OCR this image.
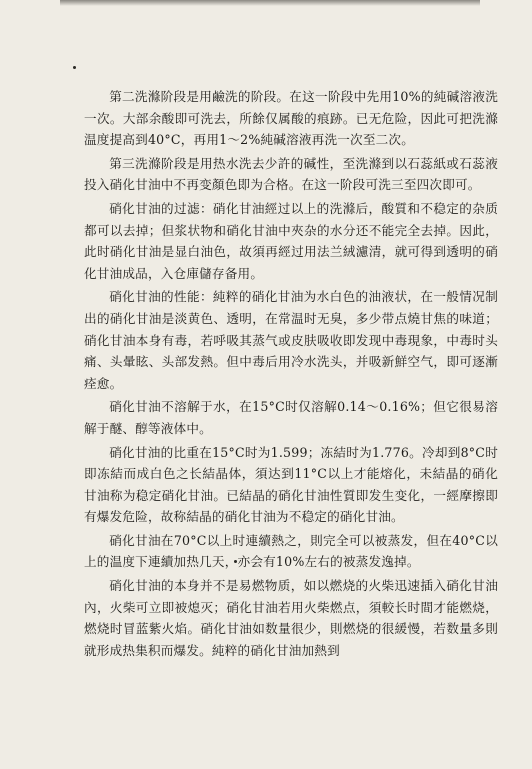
第二洗滌阶段是用鹼洗的阶段。在这一阶段中先用10%的純碱溶液洗一次。大部余酸即可洗去，所餘仅属酸的痕跡。已无危险，因此可把洗滌温度提高到40°C，再用1～2%純碱溶液再洗一次至二次。

第三洗滌阶段是用热水洗去少許的碱性，至洗滌到以石蕊紙或石蕊液投入硝化甘油中不再变顏色即为合格。在这一阶段可洗三至四次即可。

硝化甘油的过滤：硝化甘油經过以上的洗滌后，酸質和不稳定的杂质都可以去掉；但浆状物和硝化甘油中夾杂的水分还不能完全去掉。因此，此时硝化甘油是显白油色，故須再經过用法兰絨濾清，就可得到透明的硝化甘油成品，入仓庫儲存备用。

硝化甘油的性能：純粹的硝化甘油为水白色的油液状，在一般情况制出的硝化甘油是淡黄色、透明，在常温时无臭，多少带点燒甘焦的味道；硝化甘油本身有毒，若呼吸其蒸气或皮肤吸收即发现中毒現象，中毒时头痛、头暈眩、头部发熱。但中毒后用冷水洗头，并吸新鮮空气，即可逐漸痊愈。

硝化甘油不溶解于水，在15°C时仅溶解0.14～0.16%；但它很易溶解于醚、醇等液体中。

硝化甘油的比重在15°C时为1.599；冻結时为1.776。冷却到8°C时即冻結而成白色之长結晶体，須达到11°C以上才能熔化，未結晶的硝化甘油称为稳定硝化甘油。已結晶的硝化甘油性質即发生变化，一經摩擦即有爆发危险，故称結晶的硝化甘油为不稳定的硝化甘油。

硝化甘油在70°C以上时連續熱之，則完全可以被蒸发，但在40°C以上的温度下連續加热几天，亦会有10%左右的被蒸发逸掉。

硝化甘油的本身并不是易燃物质，如以燃烧的火柴迅速插入硝化甘油內，火柴可立即被熄灭；硝化甘油若用火柴燃点，須較长时間才能燃烧，燃烧时冒蓝紫火焰。硝化甘油如数量很少，則燃烧的很緩慢，若数量多則就形成热集积而爆发。純粹的硝化甘油加熱到
